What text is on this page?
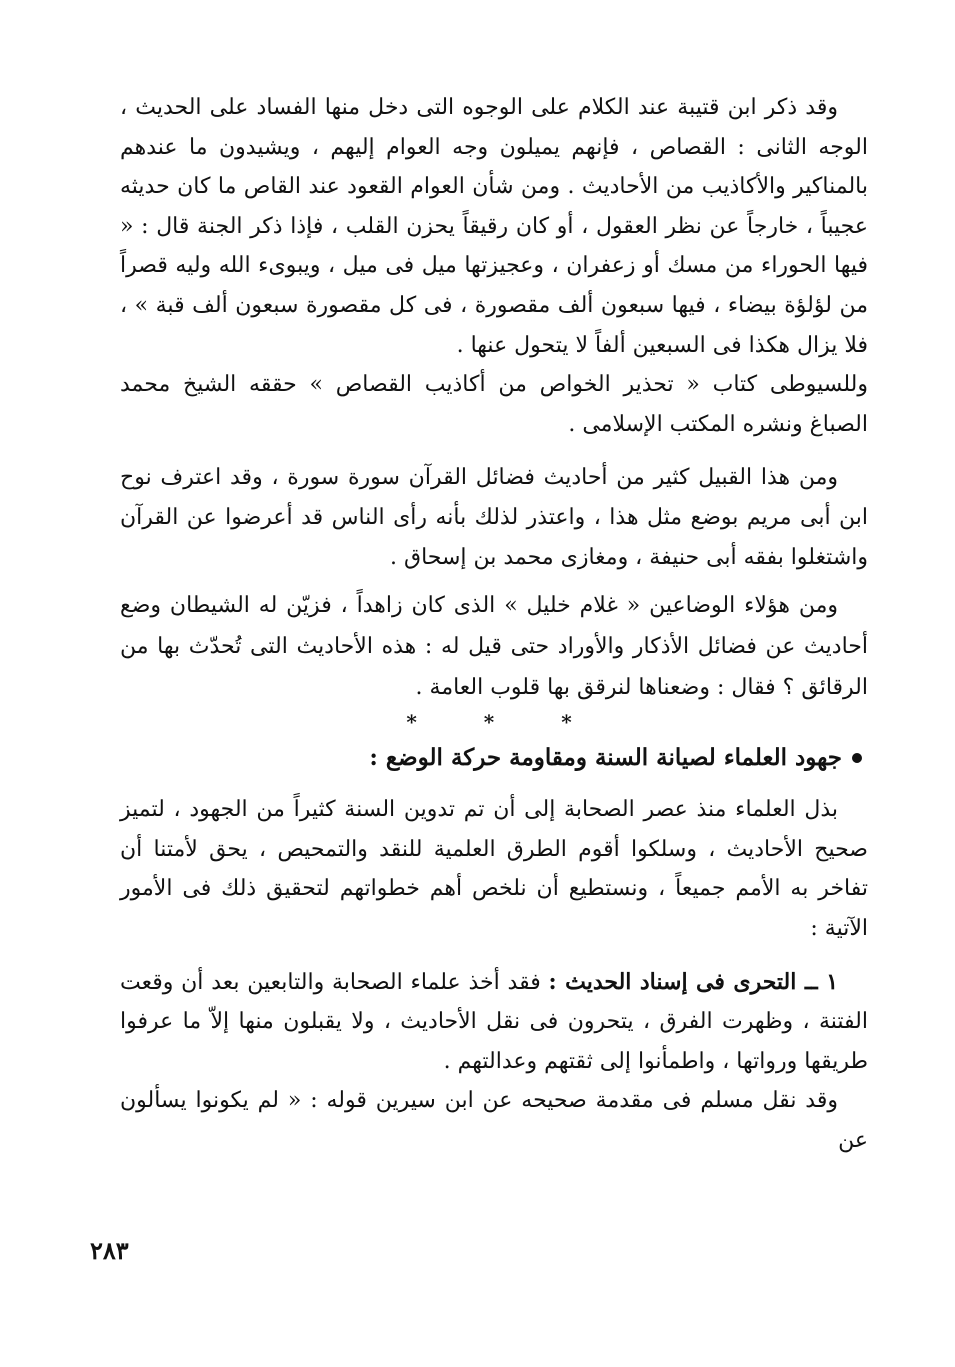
وقد ذكر ابن قتيبة عند الكلام على الوجوه التى دخل منها الفساد على الحديث ، الوجه الثانى : القصاص ، فإنهم يميلون وجه العوام إليهم ، ويشيدون ما عندهم بالمناكير والأكاذيب من الأحاديث . ومن شأن العوام القعود عند القاص ما كان حديثه عجيباً ، خارجاً عن نظر العقول ، أو كان رقيقاً يحزن القلب ، فإذا ذكر الجنة قال : « فيها الحوراء من مسك أو زعفران ، وعجيزتها ميل فى ميل ، ويبوىء الله وليه قصراً من لؤلؤة بيضاء ، فيها سبعون ألف مقصورة ، فى كل مقصورة سبعون ألف قبة » ، فلا يزال هكذا فى السبعين ألفاً لا يتحول عنها .

وللسيوطى كتاب « تحذير الخواص من أكاذيب القصاص » حققه الشيخ محمد الصباغ ونشره المكتب الإسلامى .

ومن هذا القبيل كثير من أحاديث فضائل القرآن سورة سورة ، وقد اعترف نوح ابن أبى مريم بوضع مثل هذا ، واعتذر لذلك بأنه رأى الناس قد أعرضوا عن القرآن واشتغلوا بفقه أبى حنيفة ، ومغازى محمد بن إسحاق .

ومن هؤلاء الوضاعين « غلام خليل » الذى كان زاهداً ، فزيّن له الشيطان وضع أحاديث عن فضائل الأذكار والأوراد حتى قيل له : هذه الأحاديث التى تُحدّث بها من الرقائق ؟ فقال : وضعناها لنرقق بها قلوب العامة .

* * *

جهود العلماء لصيانة السنة ومقاومة حركة الوضع :

بذل العلماء منذ عصر الصحابة إلى أن تم تدوين السنة كثيراً من الجهود ، لتميز صحيح الأحاديث ، وسلكوا أقوم الطرق العلمية للنقد والتمحيص ، يحق لأمتنا أن تفاخر به الأمم جميعاً ، ونستطيع أن نلخص أهم خطواتهم لتحقيق ذلك فى الأمور الآتية :

١ ــ التحرى فى إسناد الحديث : فقد أخذ علماء الصحابة والتابعين بعد أن وقعت الفتنة ، وظهرت الفرق ، يتحرون فى نقل الأحاديث ، ولا يقبلون منها إلاّ ما عرفوا طريقها ورواتها ، واطمأنوا إلى ثقتهم وعدالتهم .

وقد نقل مسلم فى مقدمة صحيحه عن ابن سيرين قوله : « لم يكونوا يسألون عن

٢٨٣
